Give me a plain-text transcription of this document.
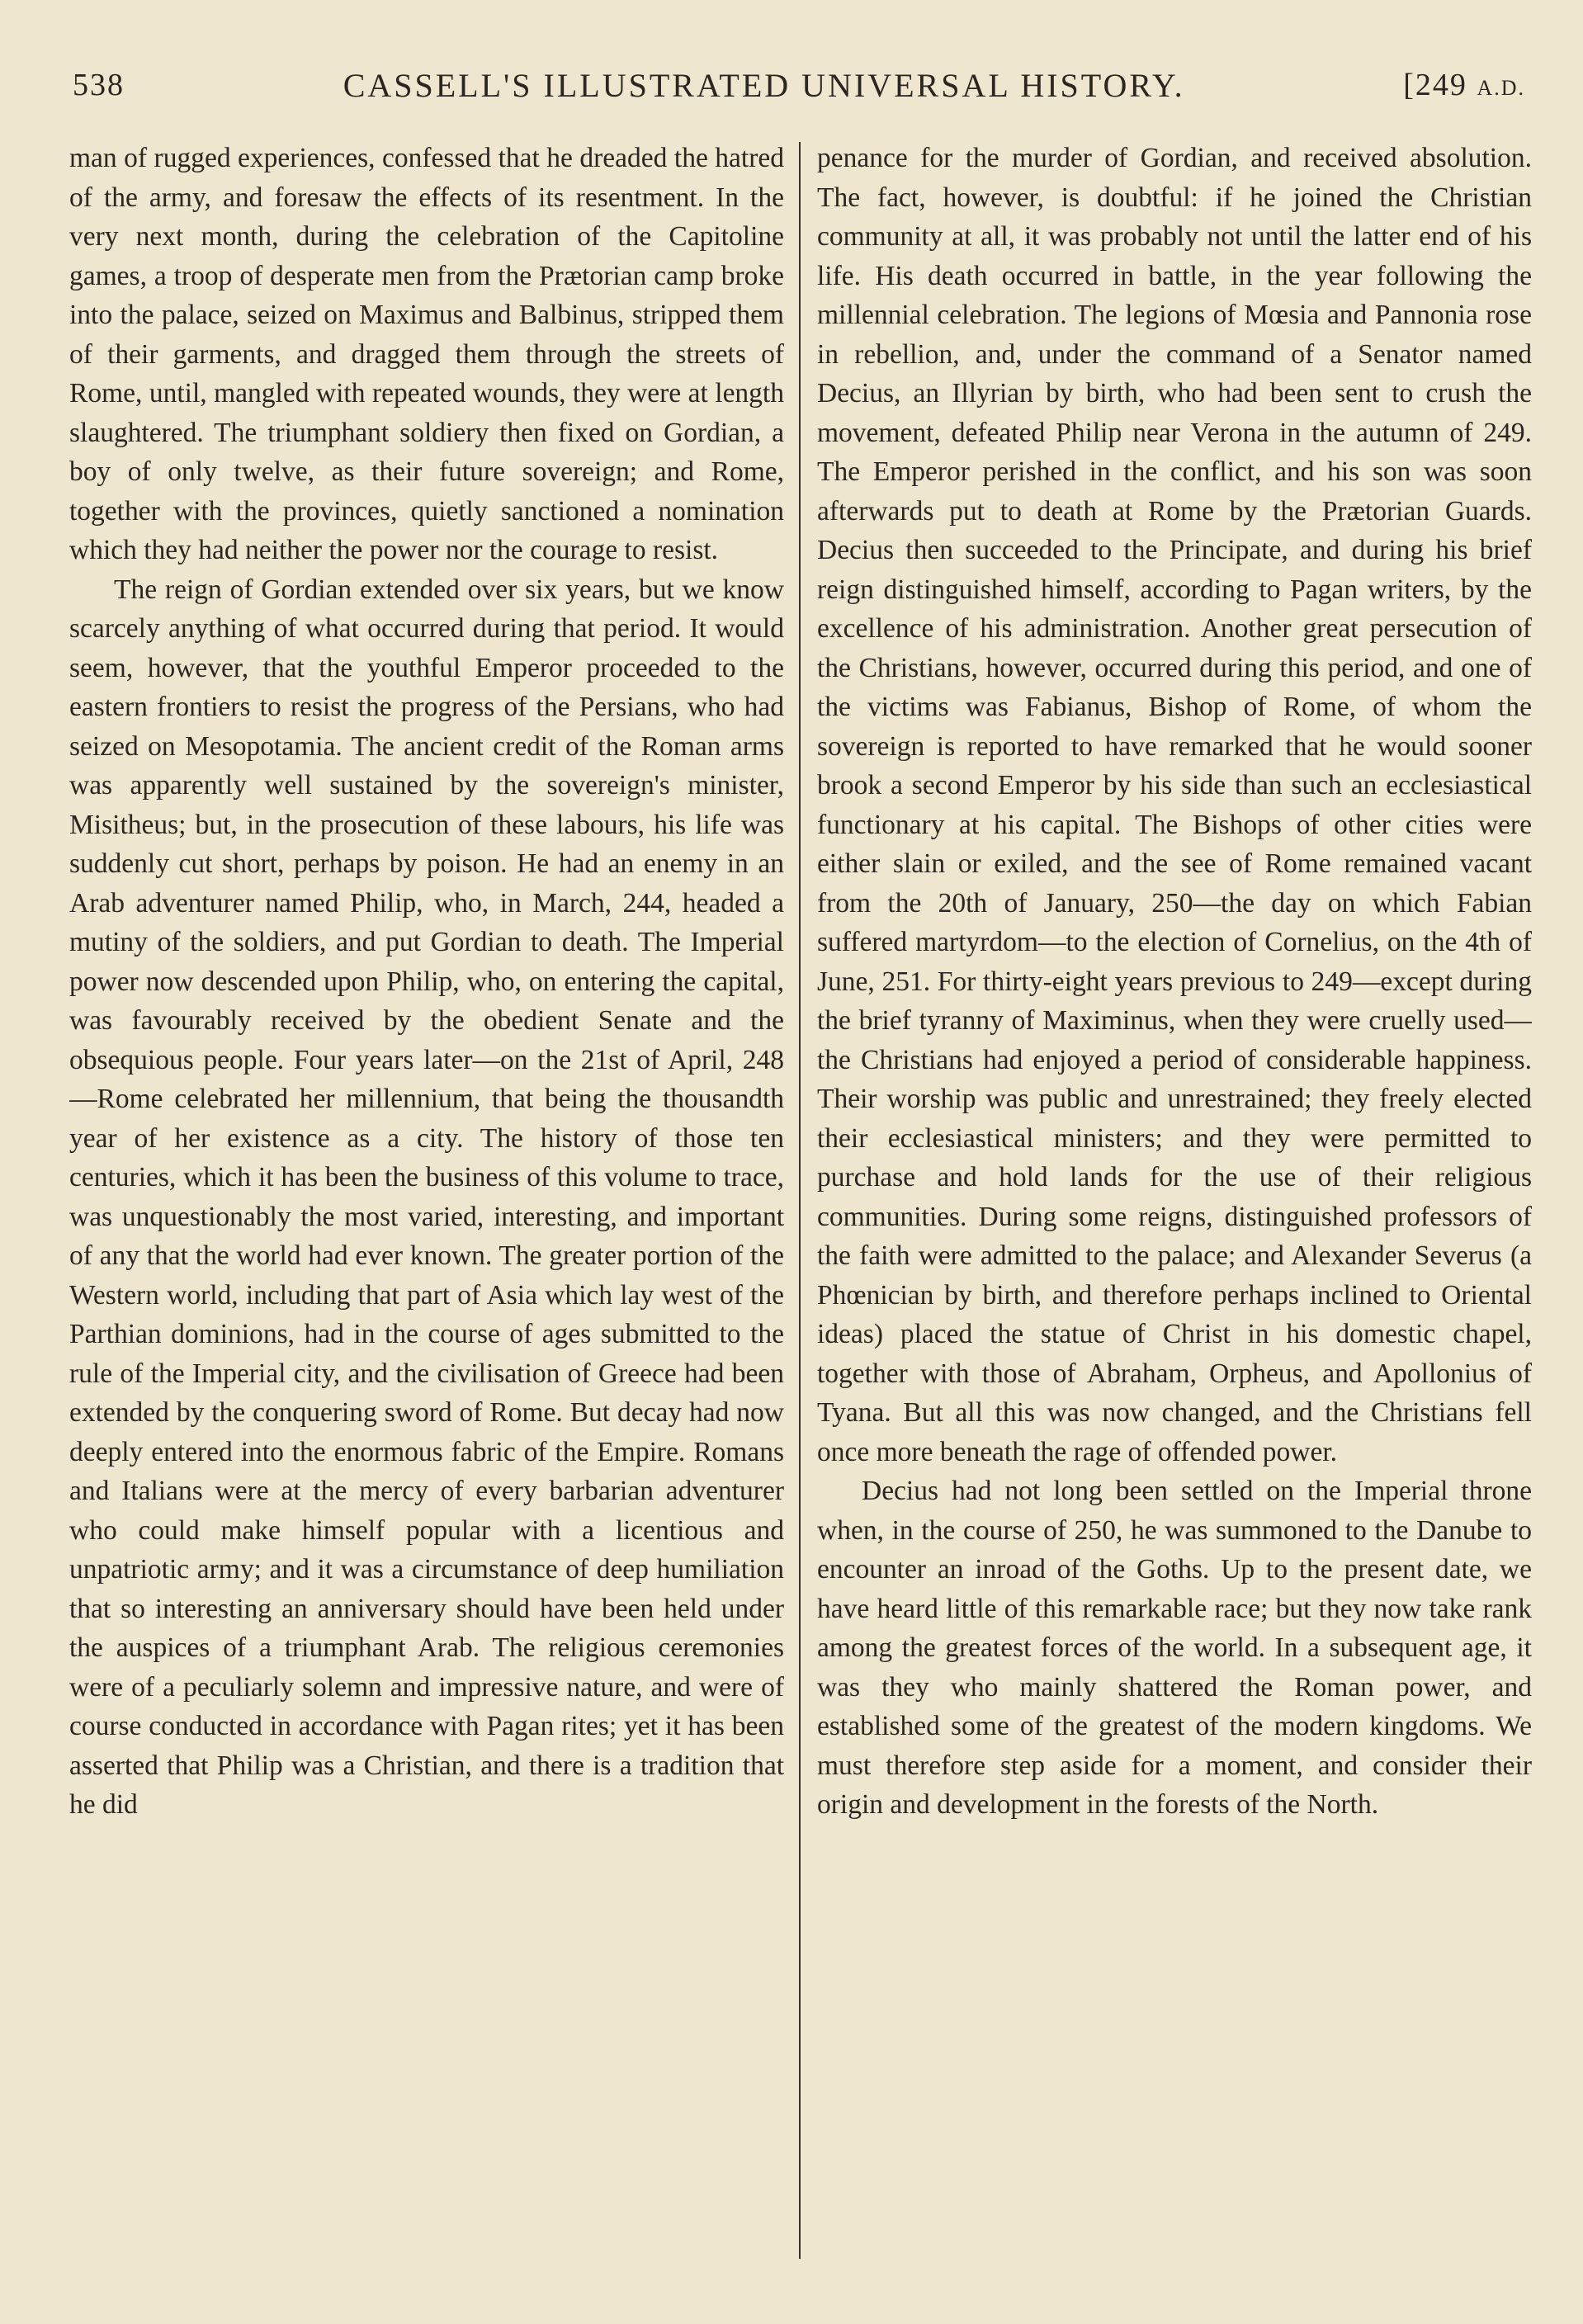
538	CASSELL'S ILLUSTRATED UNIVERSAL HISTORY.	[249 A.D.

man of rugged experiences, confessed that he dreaded the hatred of the army, and foresaw the effects of its resentment. In the very next month, during the celebration of the Capitoline games, a troop of desperate men from the Prætorian camp broke into the palace, seized on Maximus and Balbinus, stripped them of their garments, and dragged them through the streets of Rome, until, mangled with repeated wounds, they were at length slaughtered. The triumphant soldiery then fixed on Gordian, a boy of only twelve, as their future sovereign; and Rome, together with the provinces, quietly sanctioned a nomination which they had neither the power nor the courage to resist.

The reign of Gordian extended over six years, but we know scarcely anything of what occurred during that period. It would seem, however, that the youthful Emperor proceeded to the eastern frontiers to resist the progress of the Persians, who had seized on Mesopotamia. The ancient credit of the Roman arms was apparently well sustained by the sovereign's minister, Misitheus; but, in the prosecution of these labours, his life was suddenly cut short, perhaps by poison. He had an enemy in an Arab adventurer named Philip, who, in March, 244, headed a mutiny of the soldiers, and put Gordian to death. The Imperial power now descended upon Philip, who, on entering the capital, was favourably received by the obedient Senate and the obsequious people. Four years later—on the 21st of April, 248—Rome celebrated her millennium, that being the thousandth year of her existence as a city. The history of those ten centuries, which it has been the business of this volume to trace, was unquestionably the most varied, interesting, and important of any that the world had ever known. The greater portion of the Western world, including that part of Asia which lay west of the Parthian dominions, had in the course of ages submitted to the rule of the Imperial city, and the civilisation of Greece had been extended by the conquering sword of Rome. But decay had now deeply entered into the enormous fabric of the Empire. Romans and Italians were at the mercy of every barbarian adventurer who could make himself popular with a licentious and unpatriotic army; and it was a circumstance of deep humiliation that so interesting an anniversary should have been held under the auspices of a triumphant Arab. The religious ceremonies were of a peculiarly solemn and impressive nature, and were of course conducted in accordance with Pagan rites; yet it has been asserted that Philip was a Christian, and there is a tradition that he did

penance for the murder of Gordian, and received absolution. The fact, however, is doubtful: if he joined the Christian community at all, it was probably not until the latter end of his life. His death occurred in battle, in the year following the millennial celebration. The legions of Mœsia and Pannonia rose in rebellion, and, under the command of a Senator named Decius, an Illyrian by birth, who had been sent to crush the movement, defeated Philip near Verona in the autumn of 249. The Emperor perished in the conflict, and his son was soon afterwards put to death at Rome by the Prætorian Guards. Decius then succeeded to the Principate, and during his brief reign distinguished himself, according to Pagan writers, by the excellence of his administration. Another great persecution of the Christians, however, occurred during this period, and one of the victims was Fabianus, Bishop of Rome, of whom the sovereign is reported to have remarked that he would sooner brook a second Emperor by his side than such an ecclesiastical functionary at his capital. The Bishops of other cities were either slain or exiled, and the see of Rome remained vacant from the 20th of January, 250—the day on which Fabian suffered martyrdom—to the election of Cornelius, on the 4th of June, 251. For thirty-eight years previous to 249—except during the brief tyranny of Maximinus, when they were cruelly used—the Christians had enjoyed a period of considerable happiness. Their worship was public and unrestrained; they freely elected their ecclesiastical ministers; and they were permitted to purchase and hold lands for the use of their religious communities. During some reigns, distinguished professors of the faith were admitted to the palace; and Alexander Severus (a Phœnician by birth, and therefore perhaps inclined to Oriental ideas) placed the statue of Christ in his domestic chapel, together with those of Abraham, Orpheus, and Apollonius of Tyana. But all this was now changed, and the Christians fell once more beneath the rage of offended power.

Decius had not long been settled on the Imperial throne when, in the course of 250, he was summoned to the Danube to encounter an inroad of the Goths. Up to the present date, we have heard little of this remarkable race; but they now take rank among the greatest forces of the world. In a subsequent age, it was they who mainly shattered the Roman power, and established some of the greatest of the modern kingdoms. We must therefore step aside for a moment, and consider their origin and development in the forests of the North.
